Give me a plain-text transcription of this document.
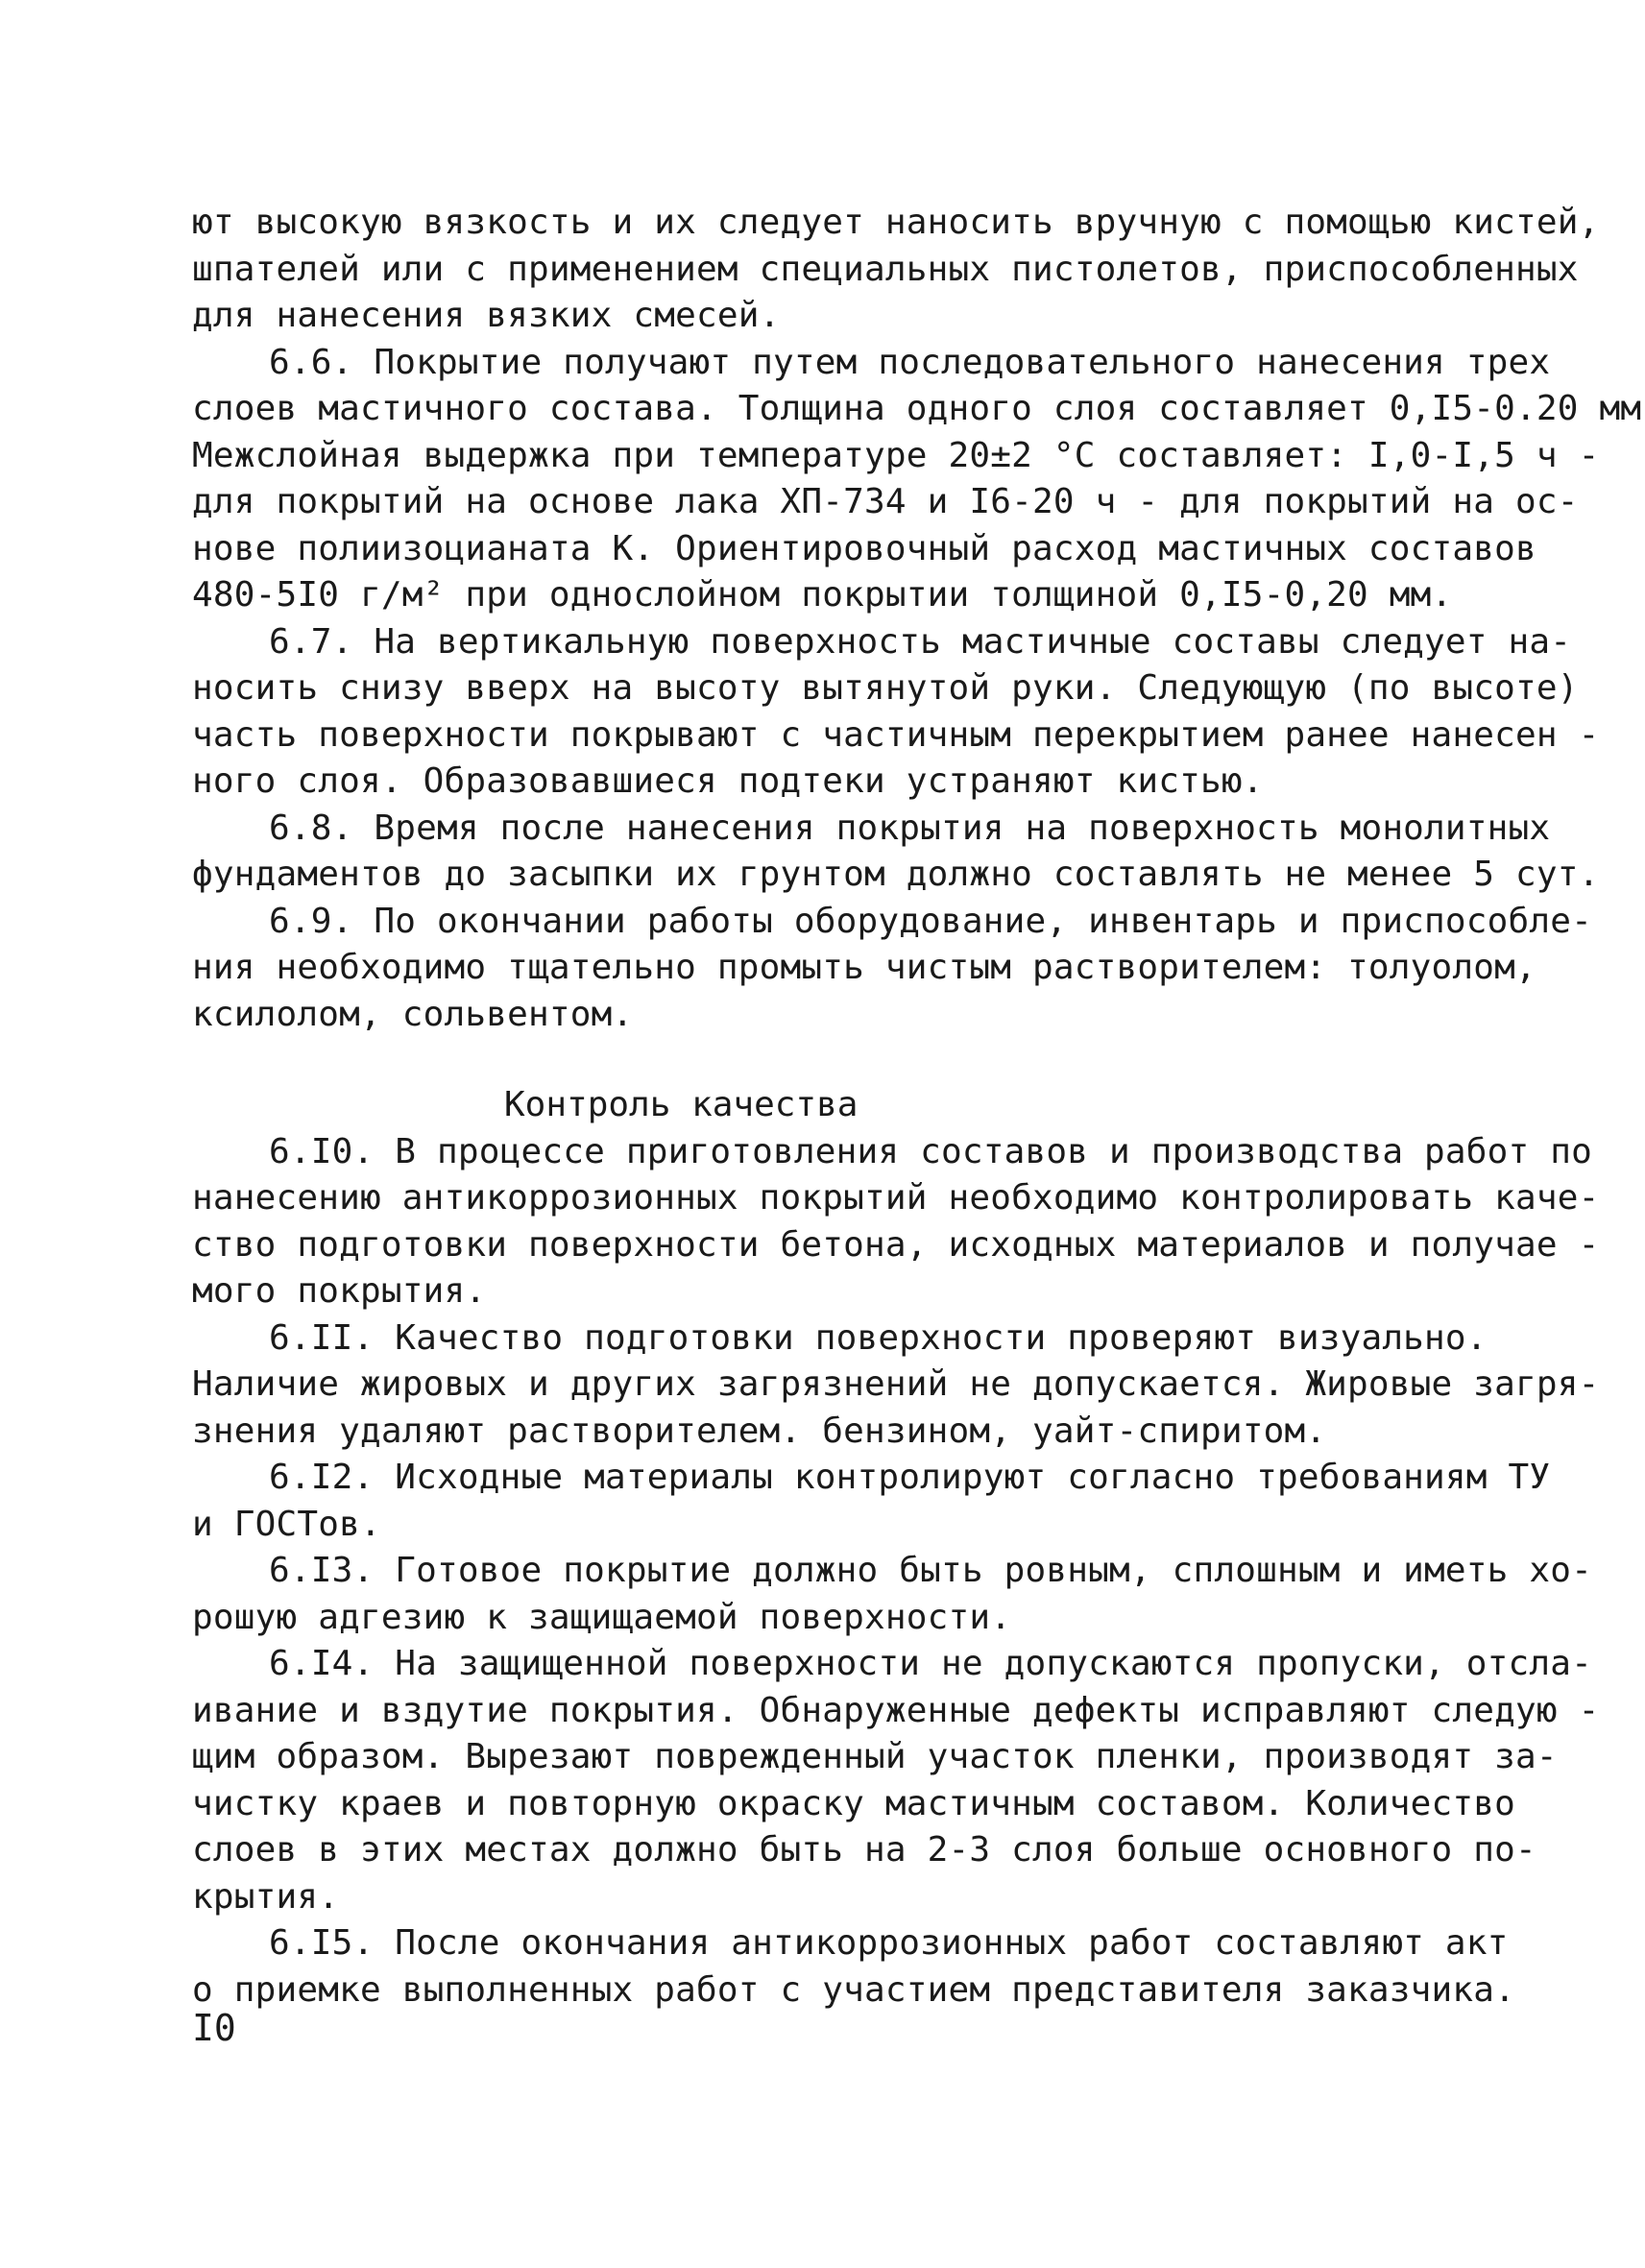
ют высокую вязкость и их следует наносить вручную с помощью кистей,
шпателей или с применением специальных пистолетов, приспособленных
для нанесения вязких смесей.
6.6. Покрытие получают путем последовательного нанесения трех
слоев мастичного состава. Толщина одного слоя составляет 0,I5-0.20 мм
Межслойная выдержка при температуре 20±2 °С составляет: I,0-I,5 ч -
для покрытий на основе лака ХП-734 и I6-20 ч - для покрытий на ос-
нове полиизоцианата К. Ориентировочный расход мастичных составов
480-5I0 г/м² при однослойном покрытии толщиной 0,I5-0,20 мм.
6.7. На вертикальную поверхность мастичные составы следует на-
носить снизу вверх на высоту вытянутой руки. Следующую (по высоте)
часть поверхности покрывают с частичным перекрытием ранее нанесен -
ного слоя. Образовавшиеся подтеки устраняют кистью.
6.8. Время после нанесения покрытия на поверхность монолитных
фундаментов до засыпки их грунтом должно составлять не менее 5 сут.
6.9. По окончании работы оборудование, инвентарь и приспособле-
ния необходимо тщательно промыть чистым растворителем: толуолом,
ксилолом, сольвентом.
Контроль качества
6.I0. В процессе приготовления составов и производства работ по
нанесению антикоррозионных покрытий необходимо контролировать каче-
ство подготовки поверхности бетона, исходных материалов и получае -
мого покрытия.
6.II. Качество подготовки поверхности проверяют визуально.
Наличие жировых и других загрязнений не допускается. Жировые загря-
знения удаляют растворителем. бензином, уайт-спиритом.
6.I2. Исходные материалы контролируют согласно требованиям ТУ
и ГОСТов.
6.I3. Готовое покрытие должно быть ровным, сплошным и иметь хо-
рошую адгезию к защищаемой поверхности.
6.I4. На защищенной поверхности не допускаются пропуски, отсла-
ивание и вздутие покрытия. Обнаруженные дефекты исправляют следую -
щим образом. Вырезают поврежденный участок пленки, производят за-
чистку краев и повторную окраску мастичным составом. Количество
слоев в этих местах должно быть на 2-3 слоя больше основного по-
крытия.
6.I5. После окончания антикоррозионных работ составляют акт
о приемке выполненных работ с участием представителя заказчика.
I0
